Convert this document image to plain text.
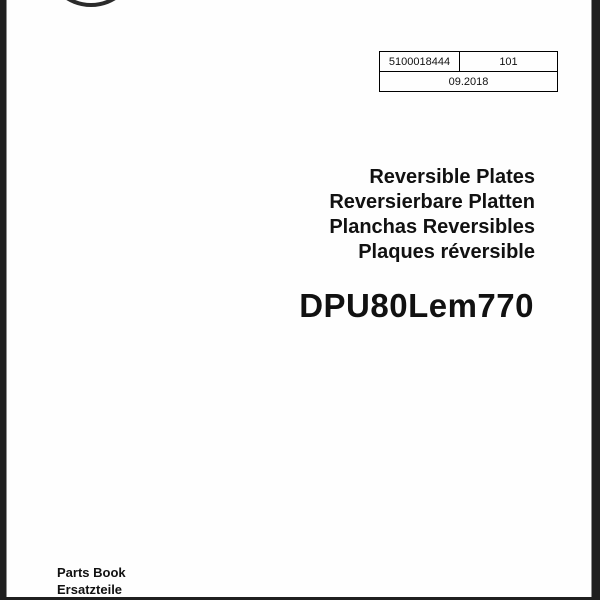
5100018444	101
09.2018
Reversible Plates
Reversierbare Platten
Planchas Reversibles
Plaques réversible
DPU80Lem770
Parts Book
Ersatzteile
